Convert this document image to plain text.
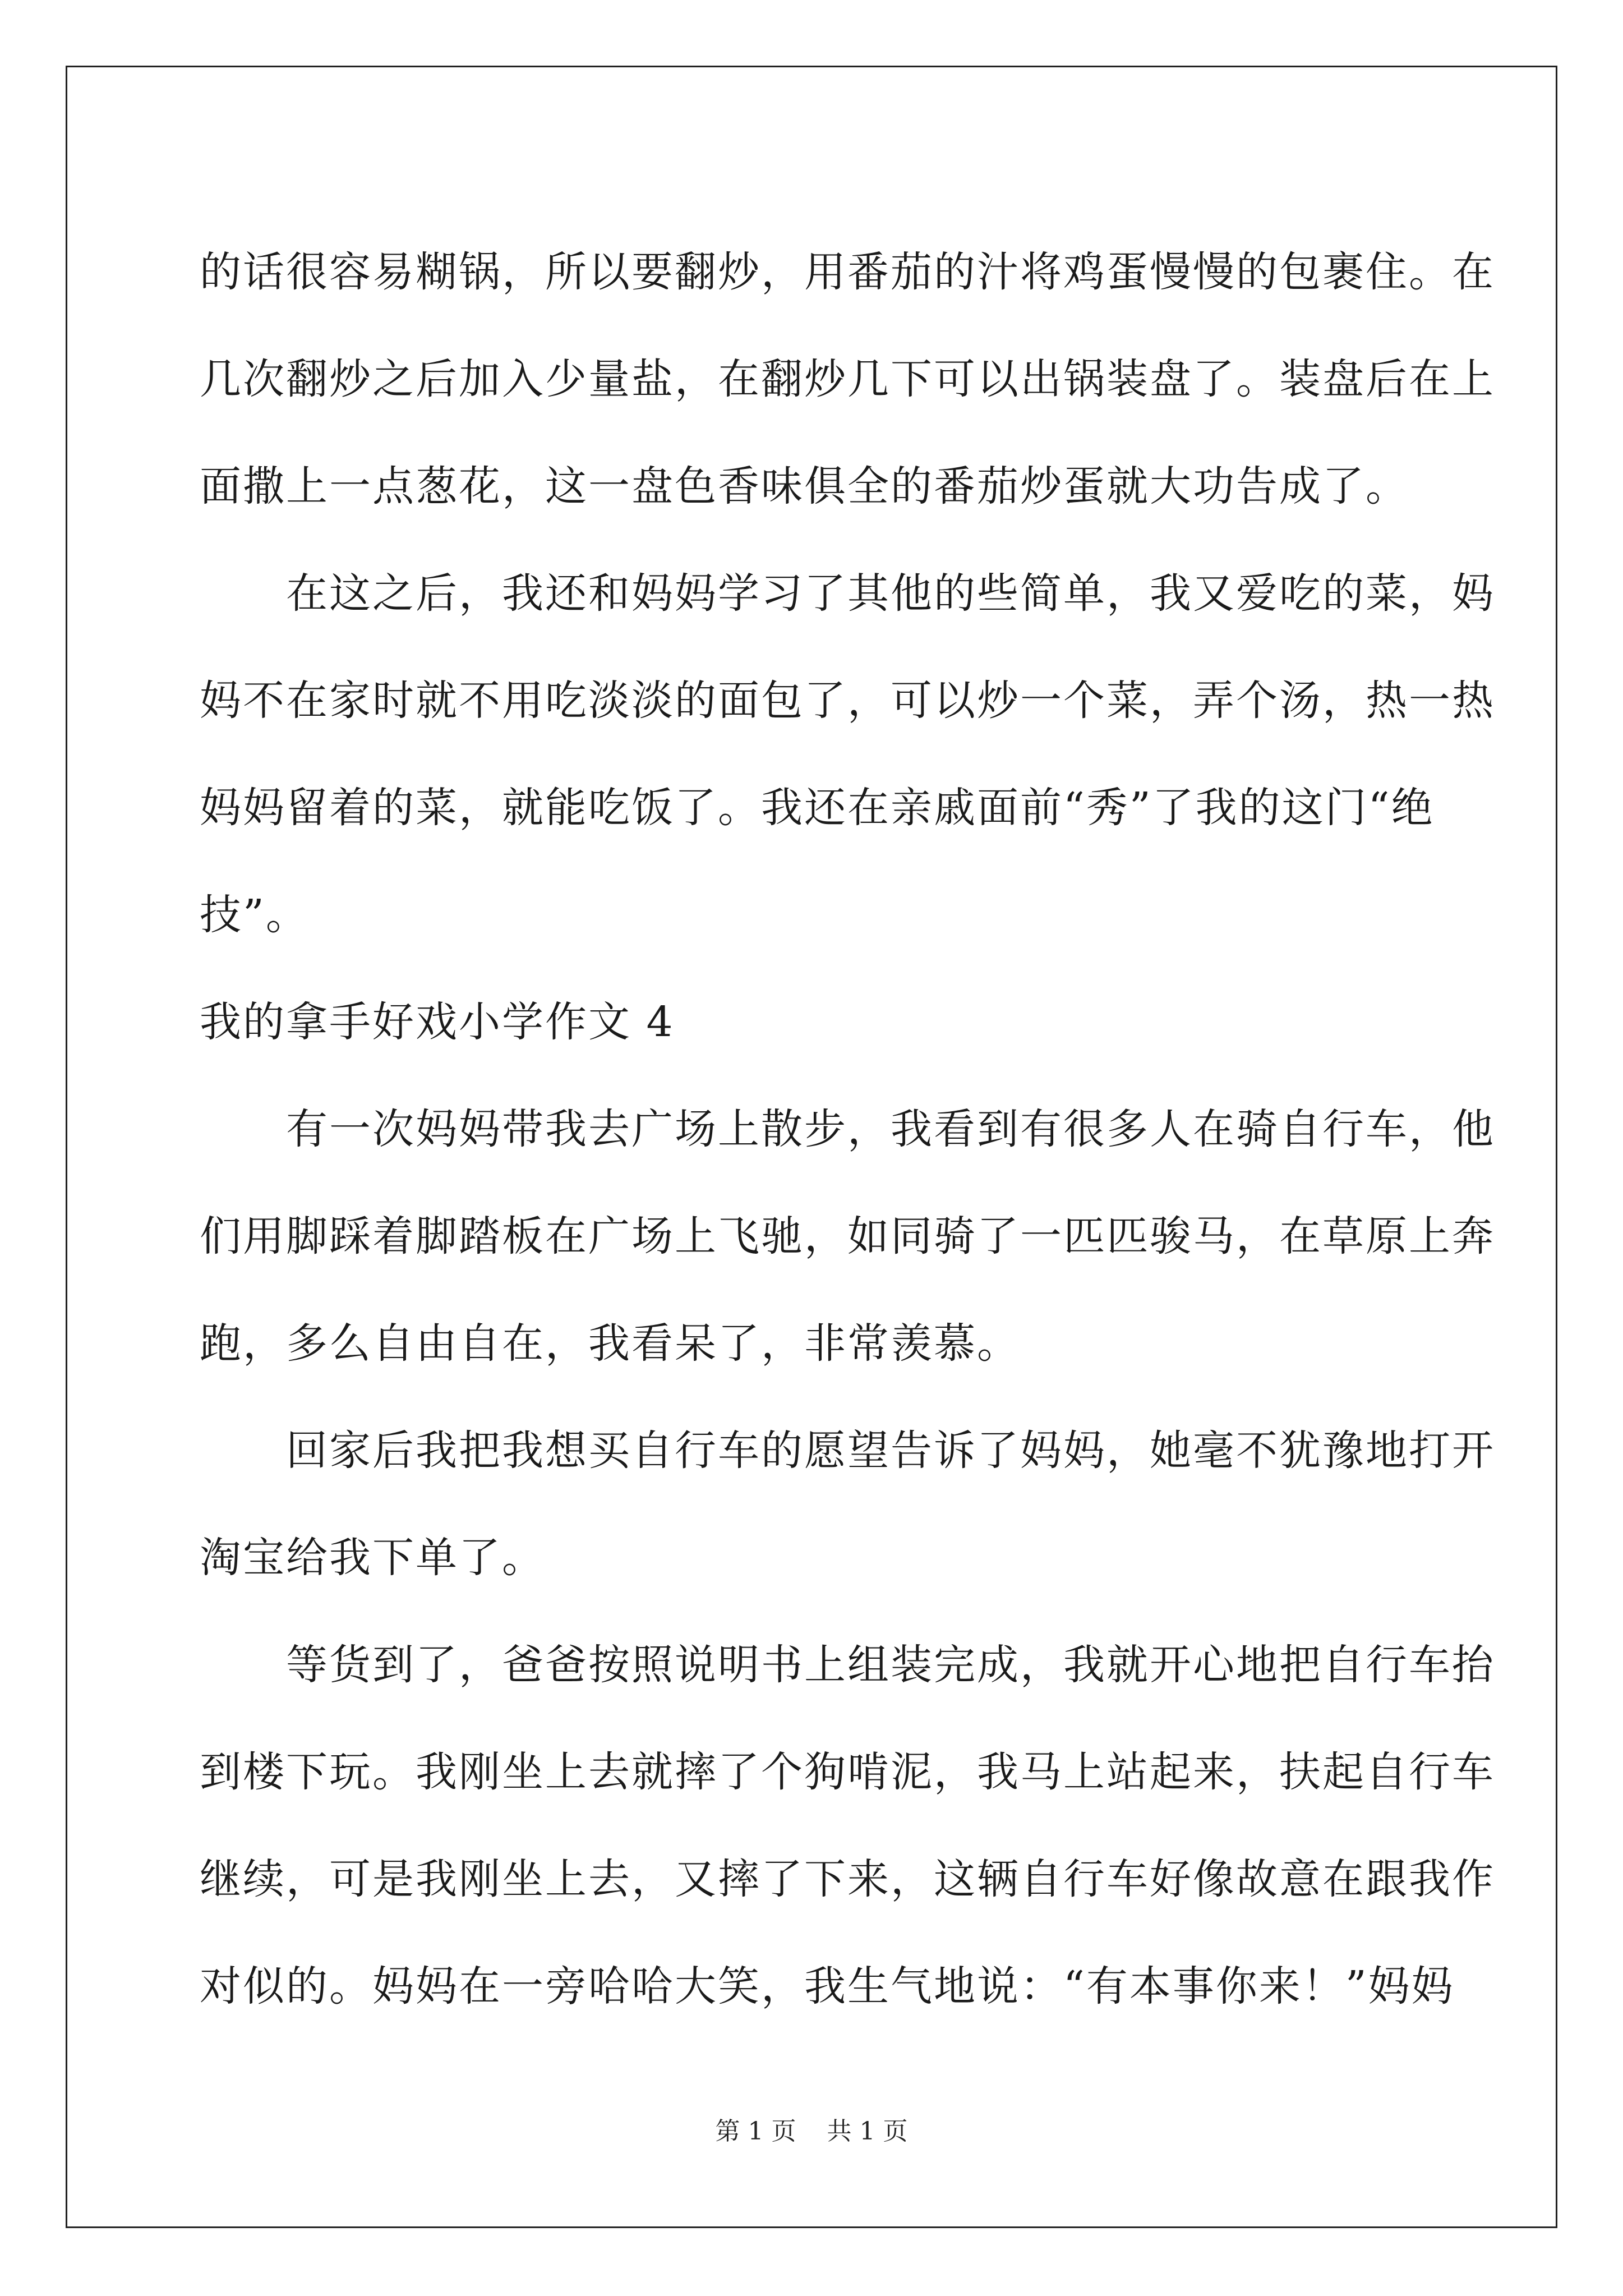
的话很容易糊锅，所以要翻炒，用番茄的汁将鸡蛋慢慢的包裹住。在
几次翻炒之后加入少量盐，在翻炒几下可以出锅装盘了。装盘后在上
面撒上一点葱花，这一盘色香味俱全的番茄炒蛋就大功告成了。
　　在这之后，我还和妈妈学习了其他的些简单，我又爱吃的菜，妈
妈不在家时就不用吃淡淡的面包了，可以炒一个菜，弄个汤，热一热
妈妈留着的菜，就能吃饭了。我还在亲戚面前“秀”了我的这门“绝
技”。
我的拿手好戏小学作文 4
　　有一次妈妈带我去广场上散步，我看到有很多人在骑自行车，他
们用脚踩着脚踏板在广场上飞驰，如同骑了一匹匹骏马，在草原上奔
跑，多么自由自在，我看呆了，非常羡慕。
　　回家后我把我想买自行车的愿望告诉了妈妈，她毫不犹豫地打开
淘宝给我下单了。
　　等货到了，爸爸按照说明书上组装完成，我就开心地把自行车抬
到楼下玩。我刚坐上去就摔了个狗啃泥，我马上站起来，扶起自行车
继续，可是我刚坐上去，又摔了下来，这辆自行车好像故意在跟我作
对似的。妈妈在一旁哈哈大笑，我生气地说：“有本事你来！”妈妈
第 1 页 共 1 页
